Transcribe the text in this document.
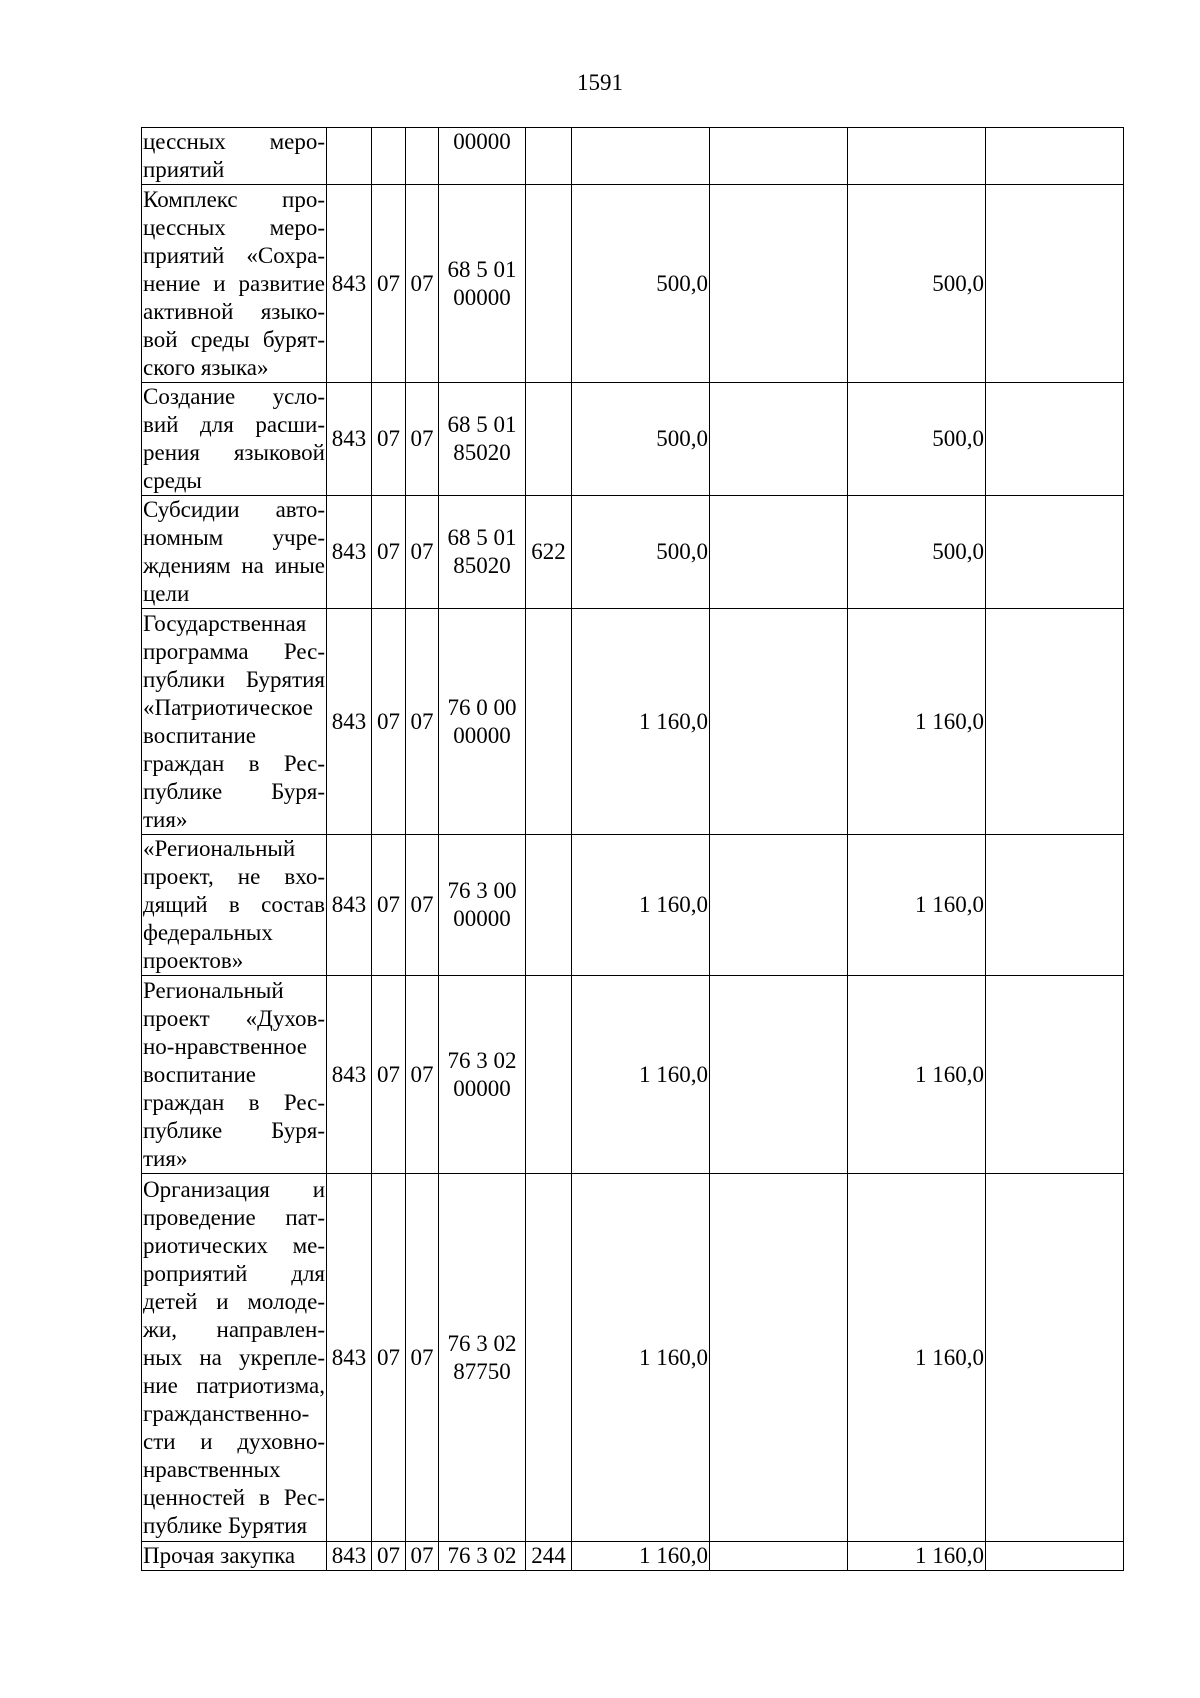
1591
цессных меро-приятий				00000					
Комплекс про-цессных меро-приятий «Сохра-нение и развитие активной языко-вой среды бурят-ского языка»	843	07	07	68 5 01 00000		500,0		500,0	
Создание усло-вий для расши-рения языковой среды	843	07	07	68 5 01 85020		500,0		500,0	
Субсидии авто-номным учре-ждениям на иные цели	843	07	07	68 5 01 85020	622	500,0		500,0	
Государственная программа Рес-публики Бурятия «Патриотическое воспитание граждан в Рес-публике Буря-тия»	843	07	07	76 0 00 00000		1 160,0		1 160,0	
«Региональный проект, не вхо-дящий в состав федеральных проектов»	843	07	07	76 3 00 00000		1 160,0		1 160,0	
Региональный проект «Духов-но-нравственное воспитание граждан в Рес-публике Буря-тия»	843	07	07	76 3 02 00000		1 160,0		1 160,0	
Организация и проведение пат-риотических ме-роприятий для детей и молоде-жи, направлен-ных на укрепле-ние патриотизма, гражданственно-сти и духовно-нравственных ценностей в Рес-публике Бурятия	843	07	07	76 3 02 87750		1 160,0		1 160,0	
Прочая закупка	843	07	07	76 3 02	244	1 160,0		1 160,0	
